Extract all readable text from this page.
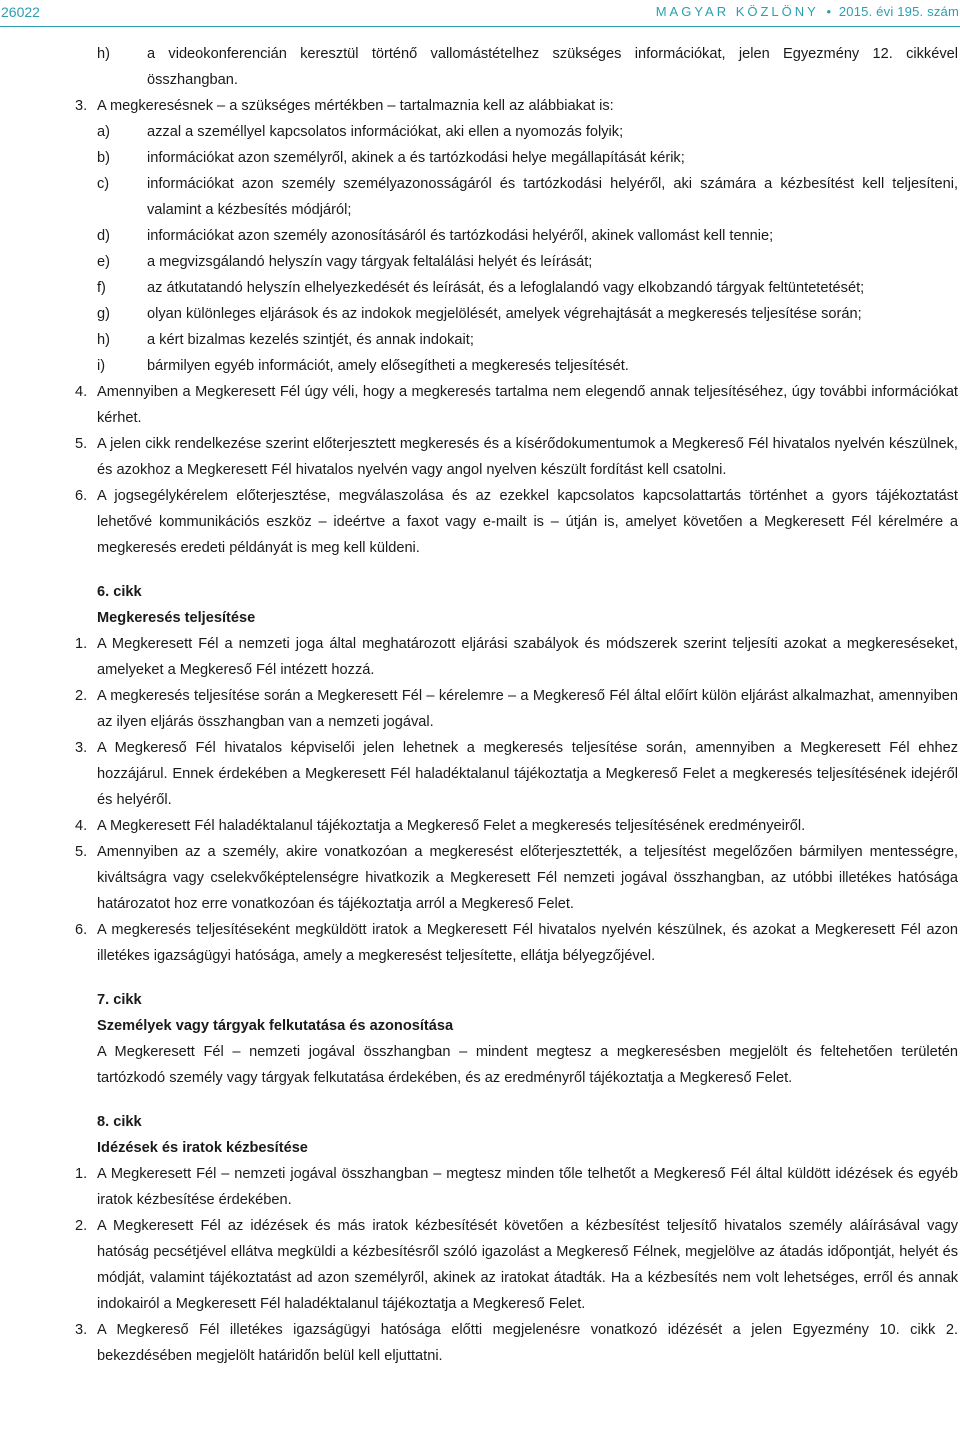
26022	MAGYAR KÖZLÖNY • 2015. évi 195. szám
h)	a videokonferencián keresztül történő vallomástételhez szükséges információkat, jelen Egyezmény 12. cikkével összhangban.
3. A megkeresésnek – a szükséges mértékben – tartalmaznia kell az alábbiakat is:
a)	azzal a személlyel kapcsolatos információkat, aki ellen a nyomozás folyik;
b)	információkat azon személyről, akinek a és tartózkodási helye megállapítását kérik;
c)	információkat azon személy személyazonosságáról és tartózkodási helyéről, aki számára a kézbesítést kell teljesíteni, valamint a kézbesítés módjáról;
d)	információkat azon személy azonosításáról és tartózkodási helyéről, akinek vallomást kell tennie;
e)	a megvizsgálandó helyszín vagy tárgyak feltalálási helyét és leírását;
f)	az átkutatandó helyszín elhelyezkedését és leírását, és a lefoglalandó vagy elkobzandó tárgyak feltüntetetését;
g)	olyan különleges eljárások és az indokok megjelölését, amelyek végrehajtását a megkeresés teljesítése során;
h)	a kért bizalmas kezelés szintjét, és annak indokait;
i)	bármilyen egyéb információt, amely elősegítheti a megkeresés teljesítését.
4. Amennyiben a Megkeresett Fél úgy véli, hogy a megkeresés tartalma nem elegendő annak teljesítéséhez, úgy további információkat kérhet.
5. A jelen cikk rendelkezése szerint előterjesztett megkeresés és a kísérődokumentumok a Megkereső Fél hivatalos nyelvén készülnek, és azokhoz a Megkeresett Fél hivatalos nyelvén vagy angol nyelven készült fordítást kell csatolni.
6. A jogsegélykérelem előterjesztése, megválaszolása és az ezekkel kapcsolatos kapcsolattartás történhet a gyors tájékoztatást lehetővé kommunikációs eszköz – ideértve a faxot vagy e-mailt is – útján is, amelyet követően a Megkeresett Fél kérelmére a megkeresés eredeti példányát is meg kell küldeni.
6. cikk
Megkeresés teljesítése
1. A Megkeresett Fél a nemzeti joga által meghatározott eljárási szabályok és módszerek szerint teljesíti azokat a megkereséseket, amelyeket a Megkereső Fél intézett hozzá.
2. A megkeresés teljesítése során a Megkeresett Fél – kérelemre – a Megkereső Fél által előírt külön eljárást alkalmazhat, amennyiben az ilyen eljárás összhangban van a nemzeti jogával.
3. A Megkereső Fél hivatalos képviselői jelen lehetnek a megkeresés teljesítése során, amennyiben a Megkeresett Fél ehhez hozzájárul. Ennek érdekében a Megkeresett Fél haladéktalanul tájékoztatja a Megkereső Felet a megkeresés teljesítésének idejéről és helyéről.
4. A Megkeresett Fél haladéktalanul tájékoztatja a Megkereső Felet a megkeresés teljesítésének eredményeiről.
5. Amennyiben az a személy, akire vonatkozóan a megkeresést előterjesztették, a teljesítést megelőzően bármilyen mentességre, kiváltságra vagy cselekvőképtelenségre hivatkozik a Megkeresett Fél nemzeti jogával összhangban, az utóbbi illetékes hatósága határozatot hoz erre vonatkozóan és tájékoztatja arról a Megkereső Felet.
6. A megkeresés teljesítéseként megküldött iratok a Megkeresett Fél hivatalos nyelvén készülnek, és azokat a Megkeresett Fél azon illetékes igazságügyi hatósága, amely a megkeresést teljesítette, ellátja bélyegzőjével.
7. cikk
Személyek vagy tárgyak felkutatása és azonosítása
A Megkeresett Fél – nemzeti jogával összhangban – mindent megtesz a megkeresésben megjelölt és feltehetően területén tartózkodó személy vagy tárgyak felkutatása érdekében, és az eredményről tájékoztatja a Megkereső Felet.
8. cikk
Idézések és iratok kézbesítése
1. A Megkeresett Fél – nemzeti jogával összhangban – megtesz minden tőle telhetőt a Megkereső Fél által küldött idézések és egyéb iratok kézbesítése érdekében.
2. A Megkeresett Fél az idézések és más iratok kézbesítését követően a kézbesítést teljesítő hivatalos személy aláírásával vagy hatóság pecsétjével ellátva megküldi a kézbesítésről szóló igazolást a Megkereső Félnek, megjelölve az átadás időpontját, helyét és módját, valamint tájékoztatást ad azon személyről, akinek az iratokat átadták. Ha a kézbesítés nem volt lehetséges, erről és annak indokairól a Megkeresett Fél haladéktalanul tájékoztatja a Megkereső Felet.
3. A Megkereső Fél illetékes igazságügyi hatósága előtti megjelenésre vonatkozó idézését a jelen Egyezmény 10. cikk 2. bekezdésében megjelölt határidőn belül kell eljuttatni.
